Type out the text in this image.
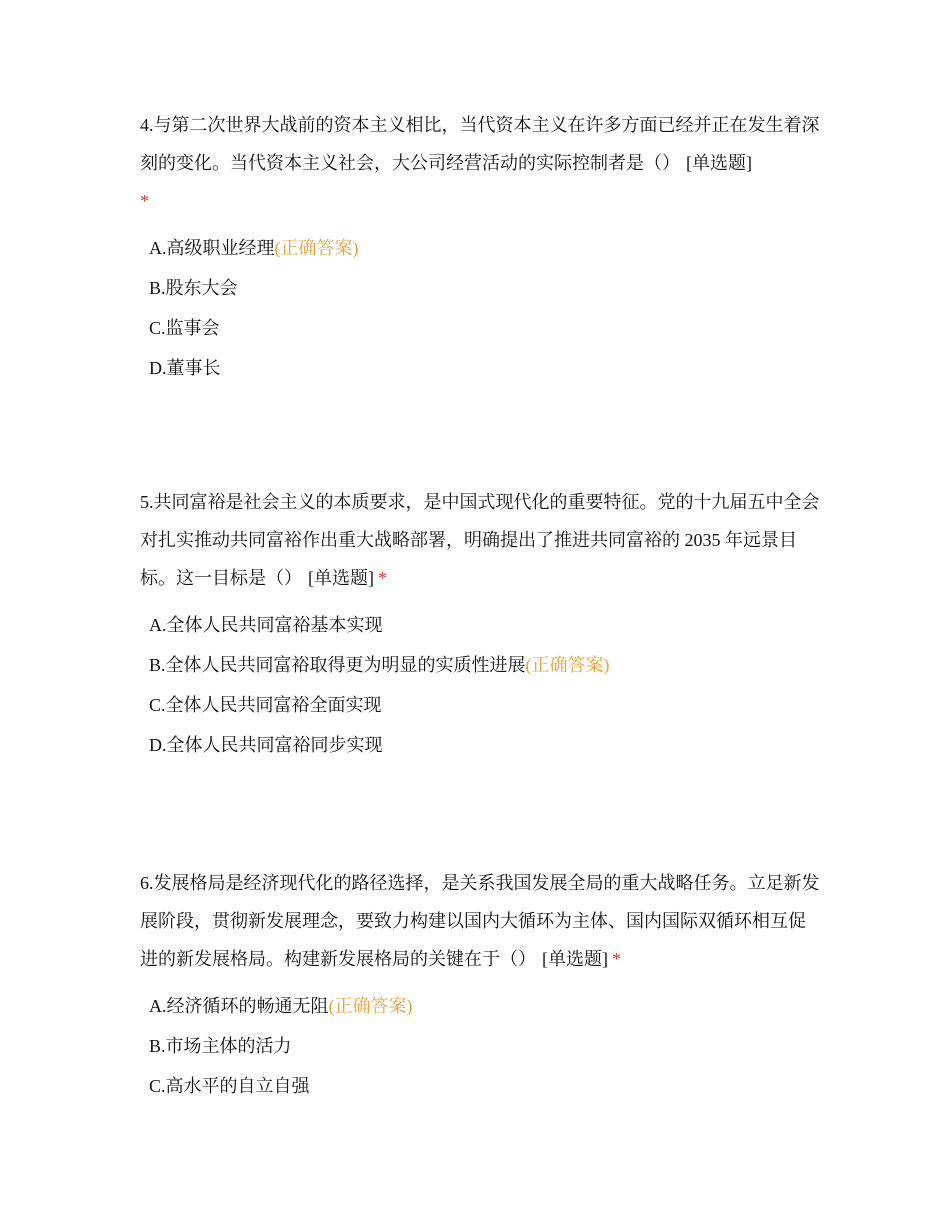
4.与第二次世界大战前的资本主义相比，当代资本主义在许多方面已经并正在发生着深刻的变化。当代资本主义社会，大公司经营活动的实际控制者是（） [单选题]
*

A.高级职业经理(正确答案)
B.股东大会
C.监事会
D.董事长

5.共同富裕是社会主义的本质要求，是中国式现代化的重要特征。党的十九届五中全会对扎实推动共同富裕作出重大战略部署，明确提出了推进共同富裕的 2035 年远景目标。这一目标是（） [单选题] *

A.全体人民共同富裕基本实现
B.全体人民共同富裕取得更为明显的实质性进展(正确答案)
C.全体人民共同富裕全面实现
D.全体人民共同富裕同步实现

6.发展格局是经济现代化的路径选择，是关系我国发展全局的重大战略任务。立足新发展阶段，贯彻新发展理念，要致力构建以国内大循环为主体、国内国际双循环相互促进的新发展格局。构建新发展格局的关键在于（） [单选题] *

A.经济循环的畅通无阻(正确答案)
B.市场主体的活力
C.高水平的自立自强
